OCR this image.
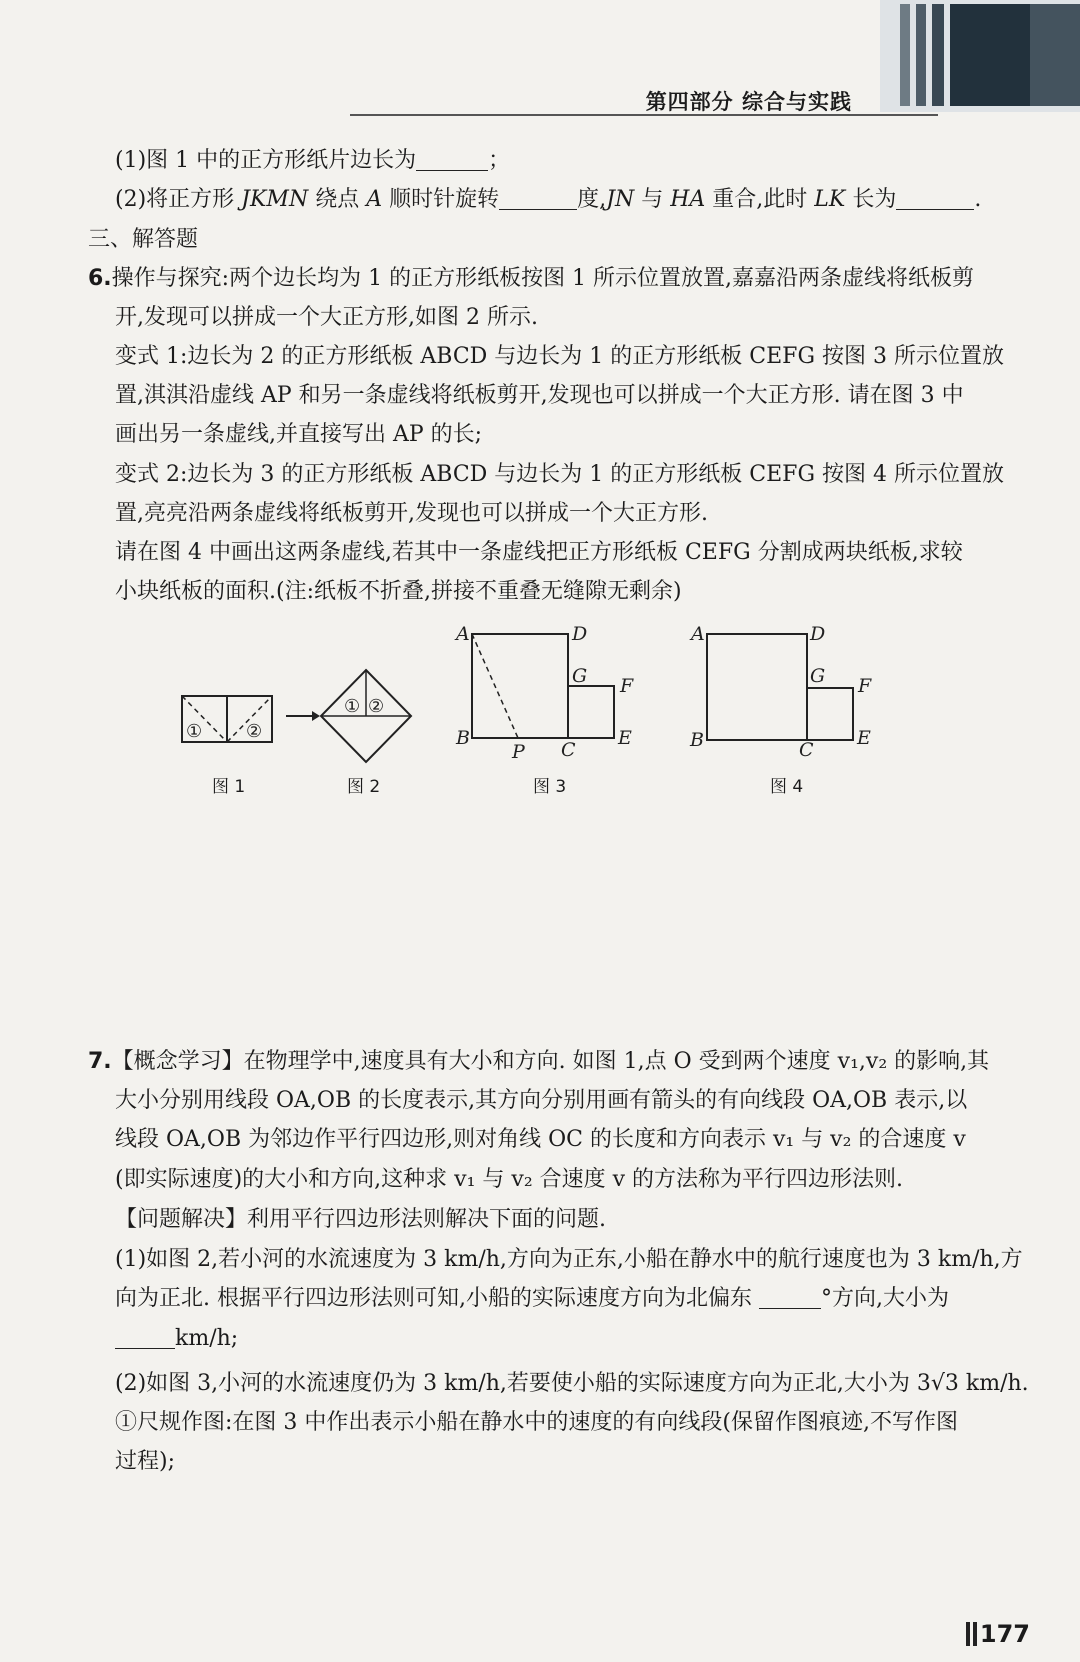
第四部分 综合与实践
(1)图 1 中的正方形纸片边长为	；
(2)将正方形 JKMN 绕点 A 顺时针旋转	度,JN 与 HA 重合,此时 LK 长为	.
三、解答题
6.操作与探究:两个边长均为 1 的正方形纸板按图 1 所示位置放置,嘉嘉沿两条虚线将纸板剪
开,发现可以拼成一个大正方形,如图 2 所示.
变式 1:边长为 2 的正方形纸板 ABCD 与边长为 1 的正方形纸板 CEFG 按图 3 所示位置放
置,淇淇沿虚线 AP 和另一条虚线将纸板剪开,发现也可以拼成一个大正方形. 请在图 3 中
画出另一条虚线,并直接写出 AP 的长;
变式 2:边长为 3 的正方形纸板 ABCD 与边长为 1 的正方形纸板 CEFG 按图 4 所示位置放
置,亮亮沿两条虚线将纸板剪开,发现也可以拼成一个大正方形.
请在图 4 中画出这两条虚线,若其中一条虚线把正方形纸板 CEFG 分割成两块纸板,求较
小块纸板的面积.(注:纸板不折叠,拼接不重叠无缝隙无剩余)
① ②
① ②
A	D
G F
B
P C
E
A	D
G F
B	C
E
图 1	图 2	图 3	图 4
7.【概念学习】在物理学中,速度具有大小和方向. 如图 1,点 O 受到两个速度 v₁,v₂ 的影响,其
大小分别用线段 OA,OB 的长度表示,其方向分别用画有箭头的有向线段 OA,OB 表示,以
线段 OA,OB 为邻边作平行四边形,则对角线 OC 的长度和方向表示 v₁ 与 v₂ 的合速度 v
(即实际速度)的大小和方向,这种求 v₁ 与 v₂ 合速度 v 的方法称为平行四边形法则.
【问题解决】利用平行四边形法则解决下面的问题.
(1)如图 2,若小河的水流速度为 3 km/h,方向为正东,小船在静水中的航行速度也为 3 km/h,方
向为正北. 根据平行四边形法则可知,小船的实际速度方向为北偏东	°方向,大小为
km/h;
(2)如图 3,小河的水流速度仍为 3 km/h,若要使小船的实际速度方向为正北,大小为 3√3 km/h.
①尺规作图:在图 3 中作出表示小船在静水中的速度的有向线段(保留作图痕迹,不写作图
过程);
177
